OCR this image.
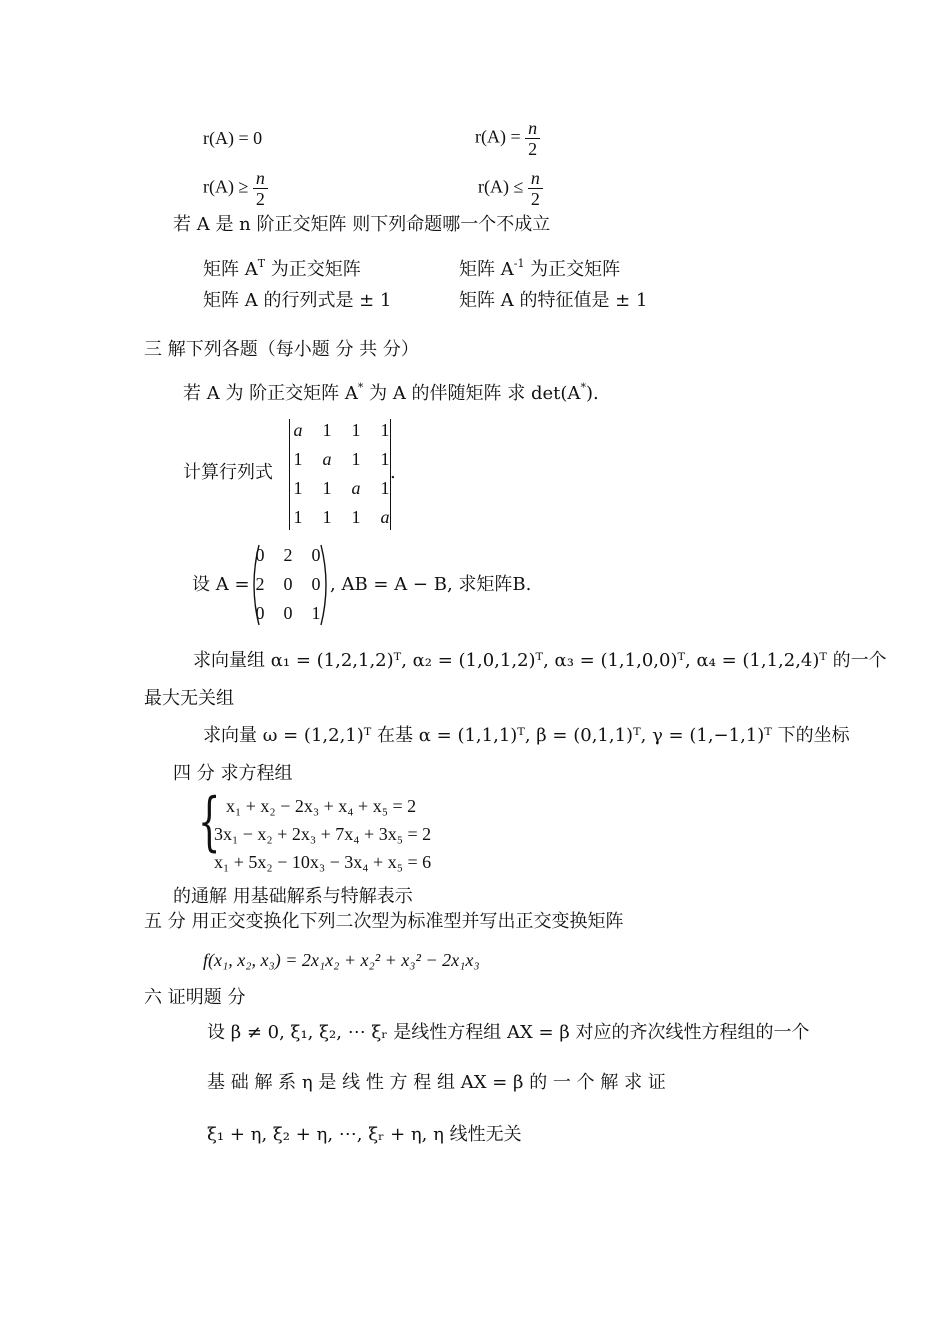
r(A) = 0	$r(A) = \frac{n}{2}$
$r(A) \ge \frac{n}{2}$	$r(A) \le \frac{n}{2}$
若 A 是 n 阶正交矩阵 则下列命题哪一个不成立
矩阵 $A^T$ 为正交矩阵	矩阵 $A^{-1}$ 为正交矩阵
矩阵 A 的行列式是 ± 1	矩阵 A 的特征值是 ± 1
三 解下列各题（每小题 分 共 分）
若 A 为 阶正交矩阵 A* 为 A 的伴随矩阵 求 det(A*).
计算行列式
a	1	1	1
1	a	1	1
1	1	a	1
1	1	1	a
.
设 A =
0	2	0
2	0	0
0	0	1
, AB = A − B, 求矩阵B.
求向量组 α₁ = (1,2,1,2)ᵀ, α₂ = (1,0,1,2)ᵀ, α₃ = (1,1,0,0)ᵀ, α₄ = (1,1,2,4)ᵀ 的一个
最大无关组
求向量 ω = (1,2,1)ᵀ 在基 α = (1,1,1)ᵀ, β = (0,1,1)ᵀ, γ = (1,−1,1)ᵀ 下的坐标
四 分 求方程组
{ x₁ + x₂ − 2x₃ + x₄ + x₅ = 2
3x₁ − x₂ + 2x₃ + 7x₄ + 3x₅ = 2
x₁ + 5x₂ − 10x₃ − 3x₄ + x₅ = 6
的通解 用基础解系与特解表示
五 分 用正交变换化下列二次型为标准型并写出正交变换矩阵
f(x₁, x₂, x₃) = 2x₁x₂ + x₂² + x₃² − 2x₁x₃
六 证明题 分
设 β ≠ 0, ξ₁, ξ₂, ⋯ ξᵣ 是线性方程组 AX = β 对应的齐次线性方程组的一个
基 础 解 系 η 是 线 性 方 程 组 AX = β 的 一 个 解 求 证
ξ₁ + η, ξ₂ + η, ⋯, ξᵣ + η, η 线性无关
